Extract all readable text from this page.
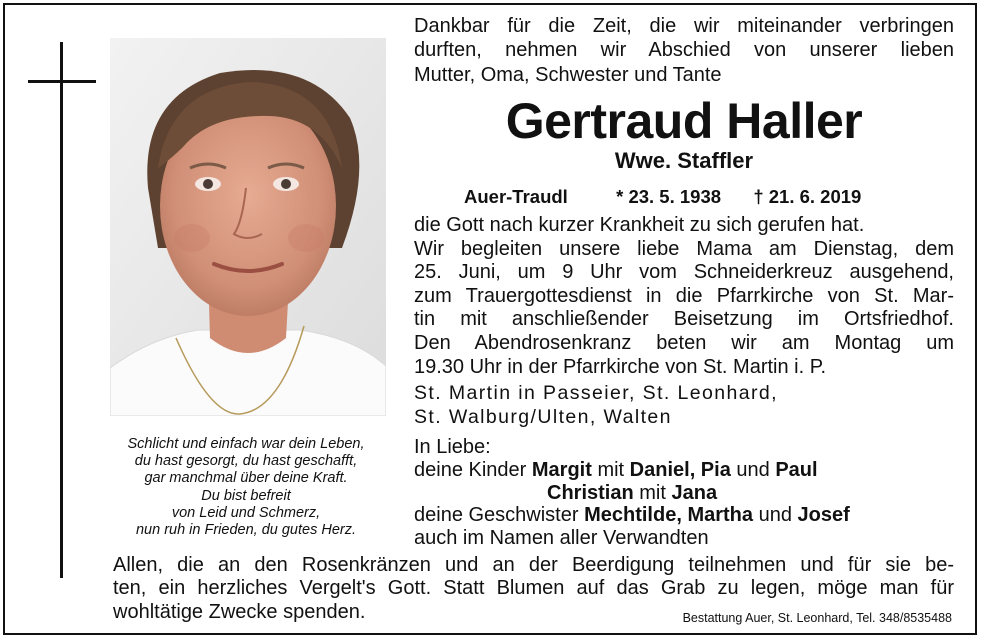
Schlicht und einfach war dein Leben,
du hast gesorgt, du hast geschafft,
gar manchmal über deine Kraft.
Du bist befreit
von Leid und Schmerz,
nun ruh in Frieden, du gutes Herz.
Dankbar für die Zeit, die wir miteinander verbringen
durften, nehmen wir Abschied von unserer lieben
Mutter, Oma, Schwester und Tante
Gertraud Haller
Wwe. Staffler
Auer-Traudl	* 23. 5. 1938 † 21. 6. 2019
die Gott nach kurzer Krankheit zu sich gerufen hat.
Wir begleiten unsere liebe Mama am Dienstag, dem
25. Juni, um 9 Uhr vom Schneiderkreuz ausgehend,
zum Trauergottesdienst in die Pfarrkirche von St. Mar-
tin mit anschließender Beisetzung im Ortsfriedhof.
Den Abendrosenkranz beten wir am Montag um
19.30 Uhr in der Pfarrkirche von St. Martin i. P.
St. Martin in Passeier, St. Leonhard,
St. Walburg/Ulten, Walten
In Liebe:
deine Kinder Margit mit Daniel, Pia und Paul
Christian mit Jana
deine Geschwister Mechtilde, Martha und Josef
auch im Namen aller Verwandten
Allen, die an den Rosenkränzen und an der Beerdigung teilnehmen und für sie be-
ten, ein herzliches Vergelt's Gott. Statt Blumen auf das Grab zu legen, möge man für
wohltätige Zwecke spenden.	Bestattung Auer, St. Leonhard, Tel. 348/8535488
